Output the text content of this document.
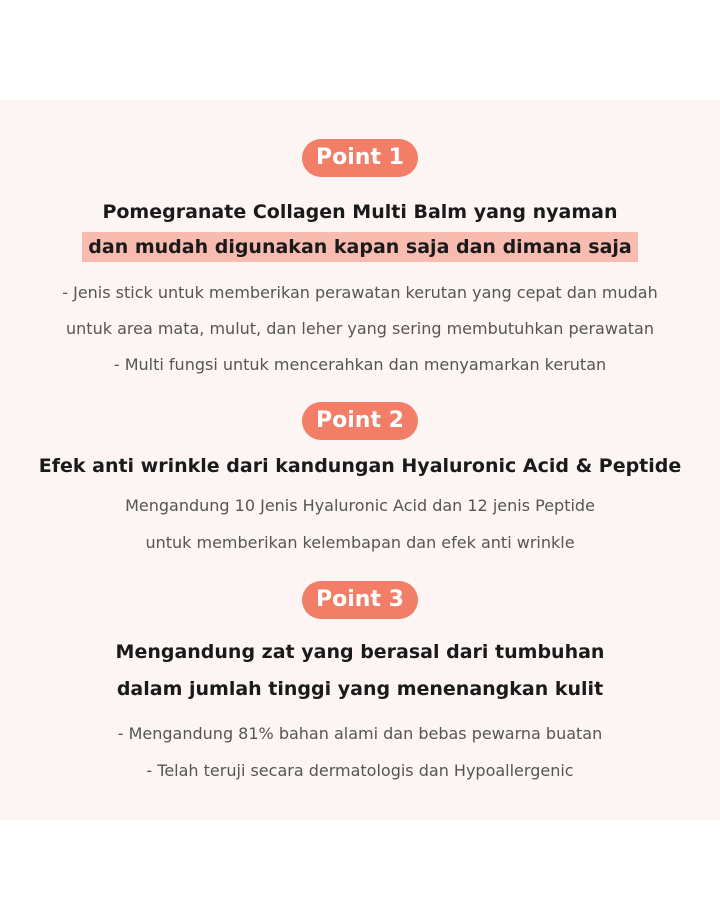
Point 1
Pomegranate Collagen Multi Balm yang nyaman
dan mudah digunakan kapan saja dan dimana saja
- Jenis stick untuk memberikan perawatan kerutan yang cepat dan mudah
untuk area mata, mulut, dan leher yang sering membutuhkan perawatan
- Multi fungsi untuk mencerahkan dan menyamarkan kerutan
Point 2
Efek anti wrinkle dari kandungan Hyaluronic Acid & Peptide
Mengandung 10 Jenis Hyaluronic Acid dan 12 jenis Peptide
untuk memberikan kelembapan dan efek anti wrinkle
Point 3
Mengandung zat yang berasal dari tumbuhan
dalam jumlah tinggi yang menenangkan kulit
- Mengandung 81% bahan alami dan bebas pewarna buatan
- Telah teruji secara dermatologis dan Hypoallergenic
